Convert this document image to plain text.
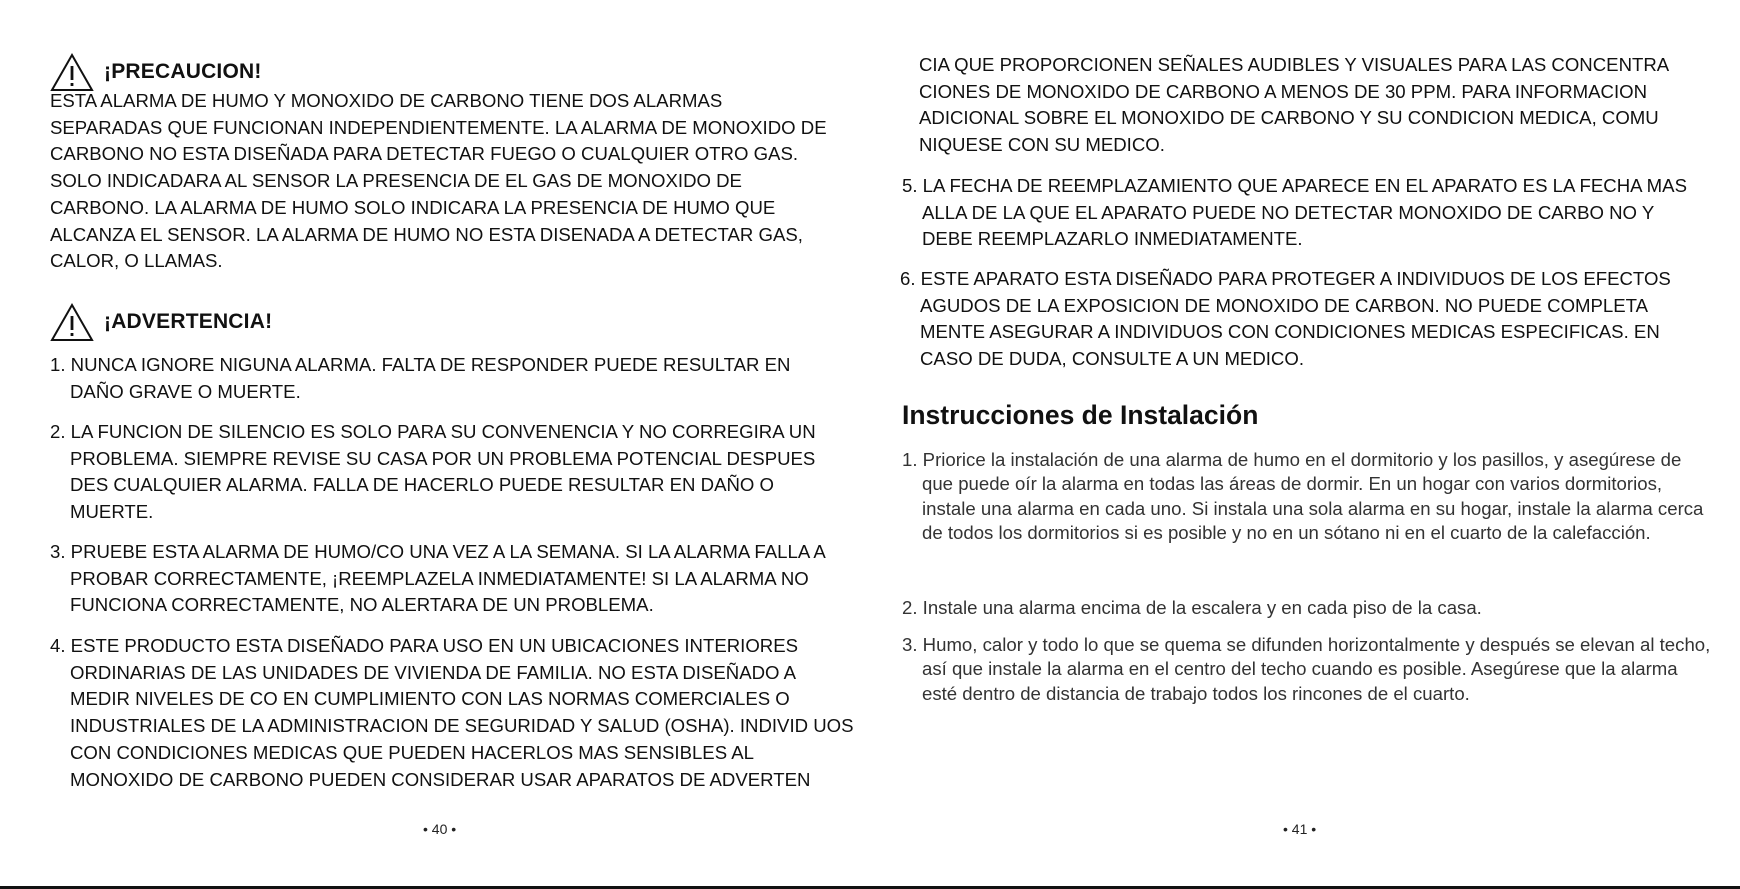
¡PRECAUCION!
ESTA ALARMA DE HUMO Y MONOXIDO DE CARBONO TIENE DOS ALARMAS SEPARADAS QUE FUNCIONAN INDEPENDIENTEMENTE. LA ALARMA DE MONOXIDO DE CARBONO NO ESTA DISEÑADA PARA DETECTAR FUEGO O CUALQUIER OTRO GAS. SOLO INDICADARA AL SENSOR LA PRESENCIA DE EL GAS DE MONOXIDO DE CARBONO. LA ALARMA DE HUMO SOLO INDICARA LA PRESENCIA DE HUMO QUE ALCANZA EL SENSOR. LA ALARMA DE HUMO NO ESTA DISENADA A DETECTAR GAS, CALOR, O LLAMAS.
¡ADVERTENCIA!
1. NUNCA IGNORE NIGUNA ALARMA. FALTA DE RESPONDER PUEDE RESULTAR EN DAÑO GRAVE O MUERTE.
2. LA FUNCION DE SILENCIO ES SOLO PARA SU CONVENENCIA Y NO CORREGIRA UN PROBLEMA. SIEMPRE REVISE SU CASA POR UN PROBLEMA POTENCIAL DESPUES DES CUALQUIER ALARMA. FALLA DE HACERLO PUEDE RESULTAR EN DAÑO O MUERTE.
3. PRUEBE ESTA ALARMA DE HUMO/CO UNA VEZ A LA SEMANA. SI LA ALARMA FALLA A PROBAR CORRECTAMENTE, ¡REEMPLAZELA INMEDIATAMENTE! SI LA ALARMA NO FUNCIONA CORRECTAMENTE, NO ALERTARA DE UN PROBLEMA.
4. ESTE PRODUCTO ESTA DISEÑADO PARA USO EN UN UBICACIONES INTERIORES ORDINARIAS DE LAS UNIDADES DE VIVIENDA DE FAMILIA. NO ESTA DISEÑADO A MEDIR NIVELES DE CO EN CUMPLIMIENTO CON LAS NORMAS COMERCIALES O INDUSTRIALES DE LA ADMINISTRACION DE SEGURIDAD Y SALUD (OSHA). INDIVID UOS CON CONDICIONES MEDICAS QUE PUEDEN HACERLOS MAS SENSIBLES AL MONOXIDO DE CARBONO PUEDEN CONSIDERAR USAR APARATOS DE ADVERTEN
• 40 •
CIA QUE PROPORCIONEN SEÑALES AUDIBLES Y VISUALES PARA LAS CONCENTRA CIONES DE MONOXIDO DE CARBONO A MENOS DE 30 PPM. PARA INFORMACION ADICIONAL SOBRE EL MONOXIDO DE CARBONO Y SU CONDICION MEDICA, COMU NIQUESE CON SU MEDICO.
5. LA FECHA DE REEMPLAZAMIENTO QUE APARECE EN EL APARATO ES LA FECHA MAS ALLA DE LA QUE EL APARATO PUEDE NO DETECTAR MONOXIDO DE CARBO NO Y DEBE REEMPLAZARLO INMEDIATAMENTE.
6. ESTE APARATO ESTA DISEÑADO PARA PROTEGER A INDIVIDUOS DE LOS EFECTOS AGUDOS DE LA EXPOSICION DE MONOXIDO DE CARBON. NO PUEDE COMPLETA MENTE ASEGURAR A INDIVIDUOS CON CONDICIONES MEDICAS ESPECIFICAS. EN CASO DE DUDA, CONSULTE A UN MEDICO.
Instrucciones de Instalación
1. Priorice la instalación de una alarma de humo en el dormitorio y los pasillos, y asegúrese de que puede oír la alarma en todas las áreas de dormir. En un hogar con varios dormitorios, instale una alarma en cada uno. Si instala una sola alarma en su hogar, instale la alarma cerca de todos los dormitorios si es posible y no en un sótano ni en el cuarto de la calefacción.
2. Instale una alarma encima de la escalera y en cada piso de la casa.
3. Humo, calor y todo lo que se quema se difunden horizontalmente y después se elevan al techo, así que instale la alarma en el centro del techo cuando es posible. Asegúrese que la alarma esté dentro de distancia de trabajo todos los rincones de el cuarto.
• 41 •
